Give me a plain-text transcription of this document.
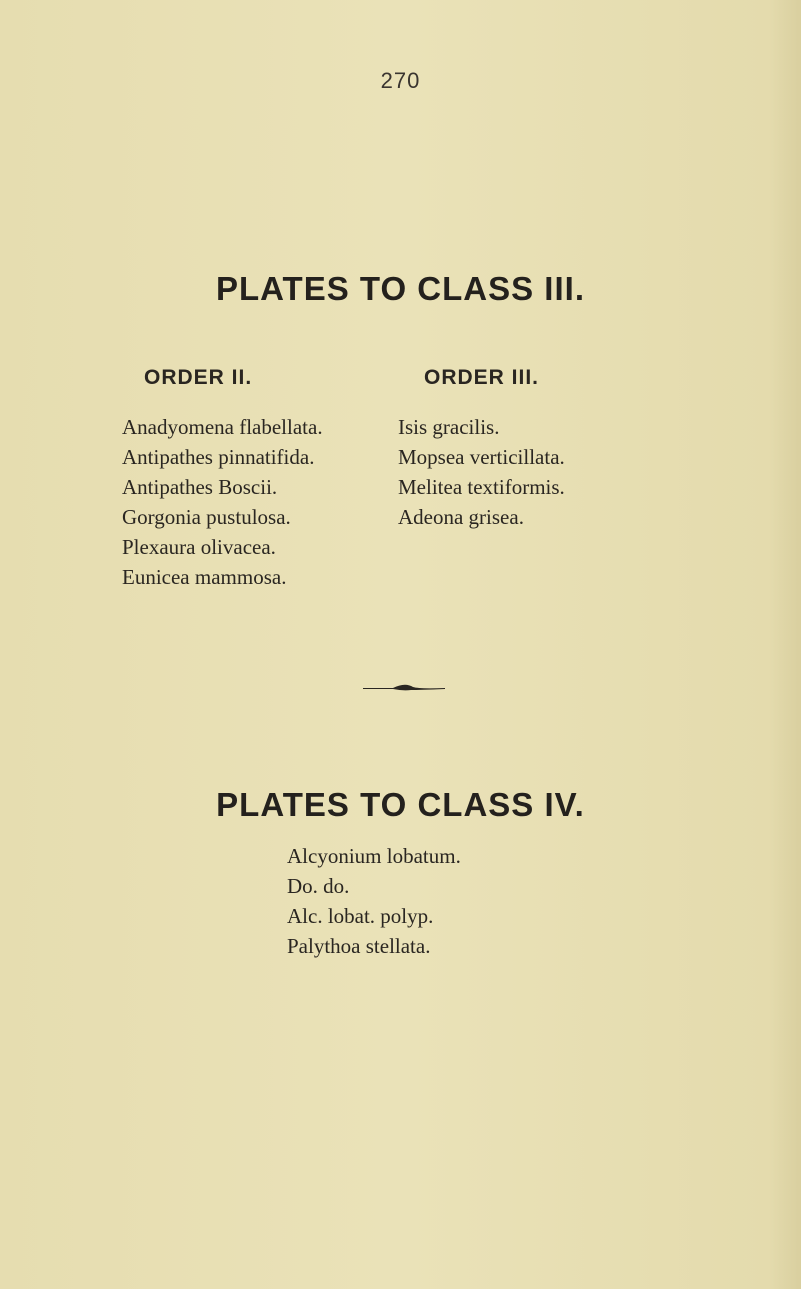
270
PLATES TO CLASS III.
ORDER II.	ORDER III.
Anadyomena flabellata.
Antipathes pinnatifida.
Antipathes Boscii.
Gorgonia pustulosa.
Plexaura olivacea.
Eunicea mammosa.
Isis gracilis.
Mopsea verticillata.
Melitea textiformis.
Adeona grisea.
PLATES TO CLASS IV.
Alcyonium lobatum.
Do. do.
Alc. lobat. polyp.
Palythoa stellata.
